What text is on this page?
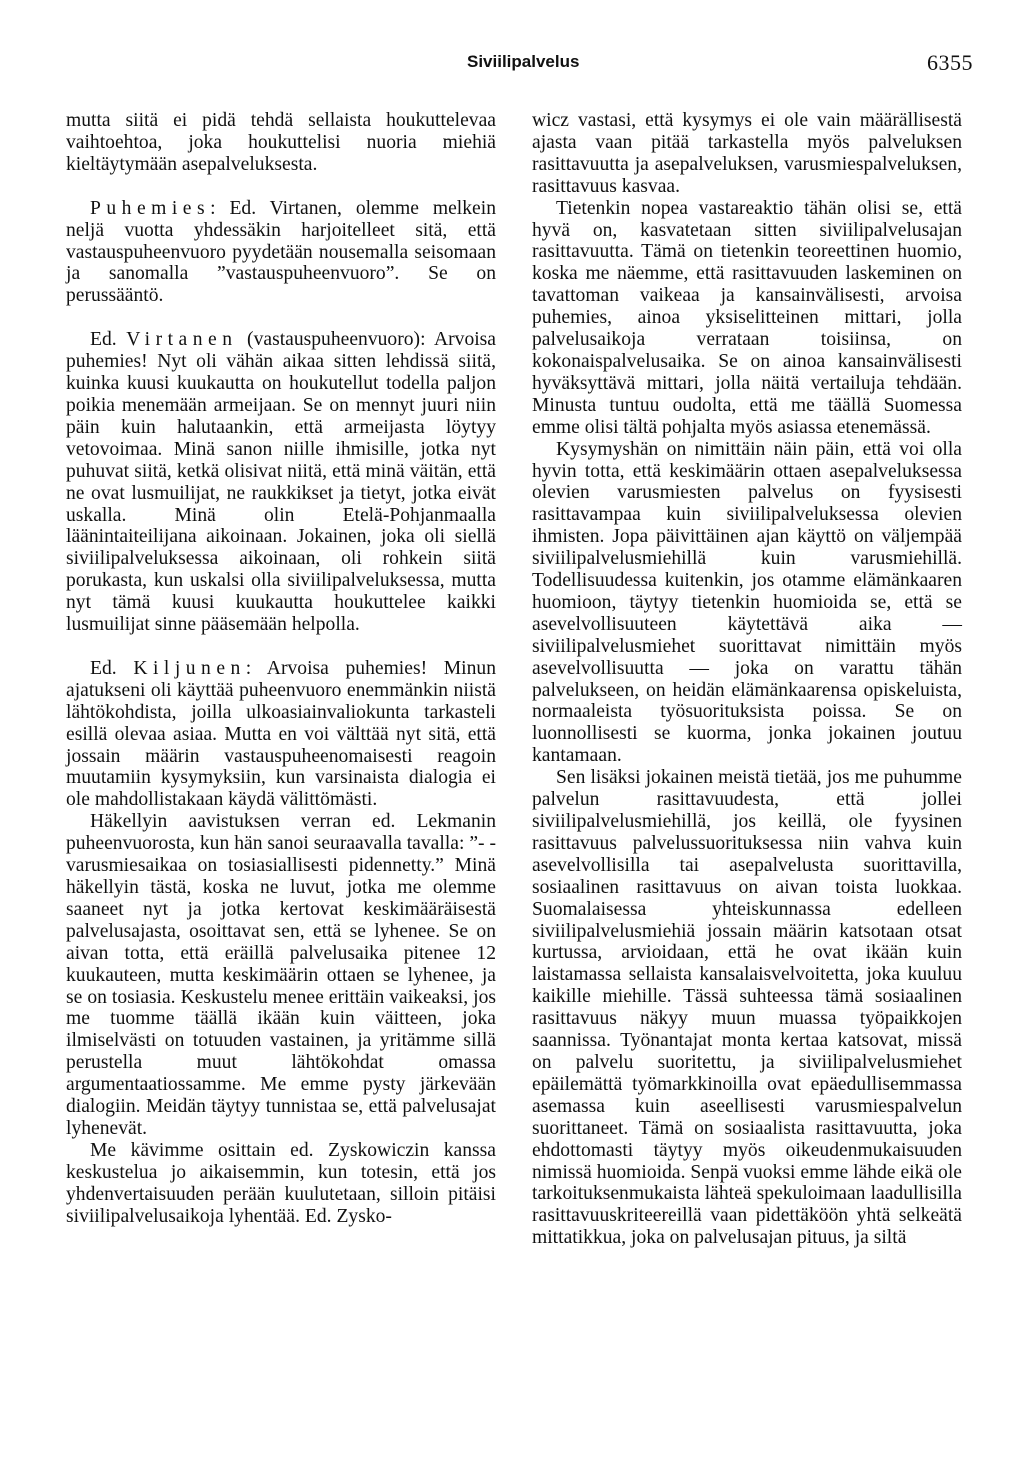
Siviilipalvelus	6355

mutta siitä ei pidä tehdä sellaista houkuttelevaa vaihtoehtoa, joka houkuttelisi nuoria miehiä kieltäytymään asepalveluksesta.

Puhemies: Ed. Virtanen, olemme melkein neljä vuotta yhdessäkin harjoitelleet sitä, että vastauspuheenvuoro pyydetään nousemalla seisomaan ja sanomalla ”vastauspuheenvuoro”. Se on perussääntö.

Ed. Virtanen (vastauspuheenvuoro): Arvoisa puhemies! Nyt oli vähän aikaa sitten lehdissä siitä, kuinka kuusi kuukautta on houkutellut todella paljon poikia menemään armeijaan. Se on mennyt juuri niin päin kuin halutaankin, että armeijasta löytyy vetovoimaa. Minä sanon niille ihmisille, jotka nyt puhuvat siitä, ketkä olisivat niitä, että minä väitän, että ne ovat lusmuilijat, ne raukkikset ja tietyt, jotka eivät uskalla. Minä olin Etelä-Pohjanmaalla läänintaiteilijana aikoinaan. Jokainen, joka oli siellä siviilipalveluksessa aikoinaan, oli rohkein siitä porukasta, kun uskalsi olla siviilipalveluksessa, mutta nyt tämä kuusi kuukautta houkuttelee kaikki lusmuilijat sinne pääsemään helpolla.

Ed. Kiljunen: Arvoisa puhemies! Minun ajatukseni oli käyttää puheenvuoro enemmänkin niistä lähtökohdista, joilla ulkoasiainvaliokunta tarkasteli esillä olevaa asiaa. Mutta en voi välttää nyt sitä, että jossain määrin vastauspuheenomaisesti reagoin muutamiin kysymyksiin, kun varsinaista dialogia ei ole mahdollistakaan käydä välittömästi.

Häkellyin aavistuksen verran ed. Lekmanin puheenvuorosta, kun hän sanoi seuraavalla tavalla: ”- - varusmiesaikaa on tosiasiallisesti pidennetty.” Minä häkellyin tästä, koska ne luvut, jotka me olemme saaneet nyt ja jotka kertovat keskimääräisestä palvelusajasta, osoittavat sen, että se lyhenee. Se on aivan totta, että eräillä palvelusaika pitenee 12 kuukauteen, mutta keskimäärin ottaen se lyhenee, ja se on tosiasia. Keskustelu menee erittäin vaikeaksi, jos me tuomme täällä ikään kuin väitteen, joka ilmiselvästi on totuuden vastainen, ja yritämme sillä perustella muut lähtökohdat omassa argumentaatiossamme. Me emme pysty järkevään dialogiin. Meidän täytyy tunnistaa se, että palvelusajat lyhenevät.

Me kävimme osittain ed. Zyskowiczin kanssa keskustelua jo aikaisemmin, kun totesin, että jos yhdenvertaisuuden perään kuulutetaan, silloin pitäisi siviilipalvelusaikoja lyhentää. Ed. Zysko-

wicz vastasi, että kysymys ei ole vain määrällisestä ajasta vaan pitää tarkastella myös palveluksen rasittavuutta ja asepalveluksen, varusmiespalveluksen, rasittavuus kasvaa.

Tietenkin nopea vastareaktio tähän olisi se, että hyvä on, kasvatetaan sitten siviilipalvelusajan rasittavuutta. Tämä on tietenkin teoreettinen huomio, koska me näemme, että rasittavuuden laskeminen on tavattoman vaikeaa ja kansainvälisesti, arvoisa puhemies, ainoa yksiselitteinen mittari, jolla palvelusaikoja verrataan toisiinsa, on kokonaispalvelusaika. Se on ainoa kansainvälisesti hyväksyttävä mittari, jolla näitä vertailuja tehdään. Minusta tuntuu oudolta, että me täällä Suomessa emme olisi tältä pohjalta myös asiassa etenemässä.

Kysymyshän on nimittäin näin päin, että voi olla hyvin totta, että keskimäärin ottaen asepalveluksessa olevien varusmiesten palvelus on fyysisesti rasittavampaa kuin siviilipalveluksessa olevien ihmisten. Jopa päivittäinen ajan käyttö on väljempää siviilipalvelusmiehillä kuin varusmiehillä. Todellisuudessa kuitenkin, jos otamme elämänkaaren huomioon, täytyy tietenkin huomioida se, että se asevelvollisuuteen käytettävä aika — siviilipalvelusmiehet suorittavat nimittäin myös asevelvollisuutta — joka on varattu tähän palvelukseen, on heidän elämänkaarensa opiskeluista, normaaleista työsuorituksista poissa. Se on luonnollisesti se kuorma, jonka jokainen joutuu kantamaan.

Sen lisäksi jokainen meistä tietää, jos me puhumme palvelun rasittavuudesta, että jollei siviilipalvelusmiehillä, jos keillä, ole fyysinen rasittavuus palvelussuorituksessa niin vahva kuin asevelvollisilla tai asepalvelusta suorittavilla, sosiaalinen rasittavuus on aivan toista luokkaa. Suomalaisessa yhteiskunnassa edelleen siviilipalvelusmiehiä jossain määrin katsotaan otsat kurtussa, arvioidaan, että he ovat ikään kuin laistamassa sellaista kansalaisvelvoitetta, joka kuuluu kaikille miehille. Tässä suhteessa tämä sosiaalinen rasittavuus näkyy muun muassa työpaikkojen saannissa. Työnantajat monta kertaa katsovat, missä on palvelu suoritettu, ja siviilipalvelusmiehet epäilemättä työmarkkinoilla ovat epäedullisemmassa asemassa kuin aseellisesti varusmiespalvelun suorittaneet. Tämä on sosiaalista rasittavuutta, joka ehdottomasti täytyy myös oikeudenmukaisuuden nimissä huomioida. Senpä vuoksi emme lähde eikä ole tarkoituksenmukaista lähteä spekuloimaan laadullisilla rasittavuuskriteereillä vaan pidettäköön yhtä selkeätä mittatikkua, joka on palvelusajan pituus, ja siltä
